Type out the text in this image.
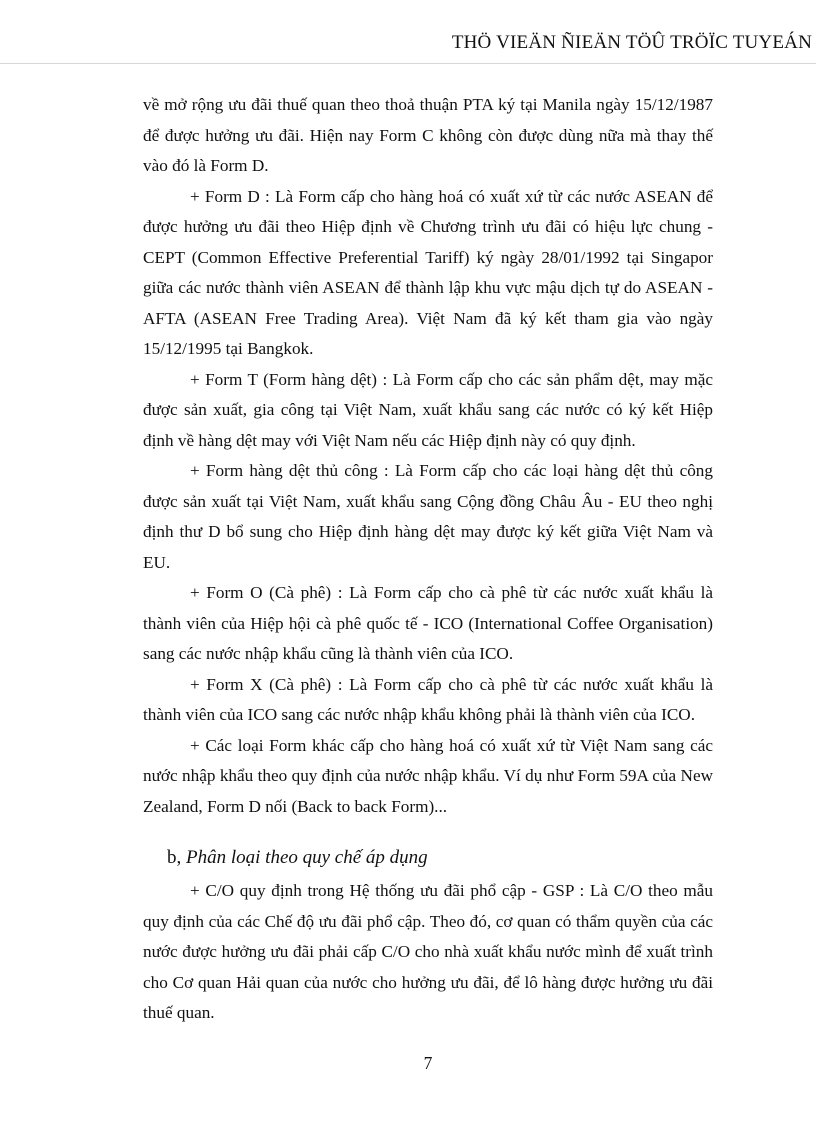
THÖ VIEÄN ÑIEÄN TÖÛ TRÖÏC TUYEÁN

về mở rộng ưu đãi thuế quan theo thoả thuận PTA ký tại Manila ngày 15/12/1987 để được hưởng ưu đãi. Hiện nay Form C không còn được dùng nữa mà thay thế vào đó là Form D.

+ Form D : Là Form cấp cho hàng hoá có xuất xứ từ các nước ASEAN để được hưởng ưu đãi theo Hiệp định về Chương trình ưu đãi có hiệu lực chung - CEPT (Common Effective Preferential Tariff) ký ngày 28/01/1992 tại Singapor giữa các nước thành viên ASEAN để thành lập khu vực mậu dịch tự do ASEAN - AFTA (ASEAN Free Trading Area). Việt Nam đã ký kết tham gia vào ngày 15/12/1995 tại Bangkok.

+ Form T (Form hàng dệt) : Là Form cấp cho các sản phẩm dệt, may mặc được sản xuất, gia công tại Việt Nam, xuất khẩu sang các nước có ký kết Hiệp định về hàng dệt may với Việt Nam nếu các Hiệp định này có quy định.

+ Form hàng dệt thủ công : Là Form cấp cho các loại hàng dệt thủ công được sản xuất tại Việt Nam, xuất khẩu sang Cộng đồng Châu Âu - EU theo nghị định thư D bổ sung cho Hiệp định hàng dệt may được ký kết giữa Việt Nam và EU.

+ Form O (Cà phê) : Là Form cấp cho cà phê từ các nước xuất khẩu là thành viên của Hiệp hội cà phê quốc tế - ICO (International Coffee Organisation) sang các nước nhập khẩu cũng là thành viên của ICO.

+ Form X (Cà phê) : Là Form cấp cho cà phê từ các nước xuất khẩu là thành viên của ICO sang các nước nhập khẩu không phải là thành viên của ICO.

+ Các loại Form khác cấp cho hàng hoá có xuất xứ từ Việt Nam sang các nước nhập khẩu theo quy định của nước nhập khẩu. Ví dụ như Form 59A của New Zealand, Form D nối (Back to back Form)...

b, Phân loại theo quy chế áp dụng

+ C/O quy định trong Hệ thống ưu đãi phổ cập - GSP : Là C/O theo mẫu quy định của các Chế độ ưu đãi phổ cập. Theo đó, cơ quan có thẩm quyền của các nước được hưởng ưu đãi phải cấp C/O cho nhà xuất khẩu nước mình để xuất trình cho Cơ quan Hải quan của nước cho hưởng ưu đãi, để lô hàng được hưởng ưu đãi thuế quan.

7
